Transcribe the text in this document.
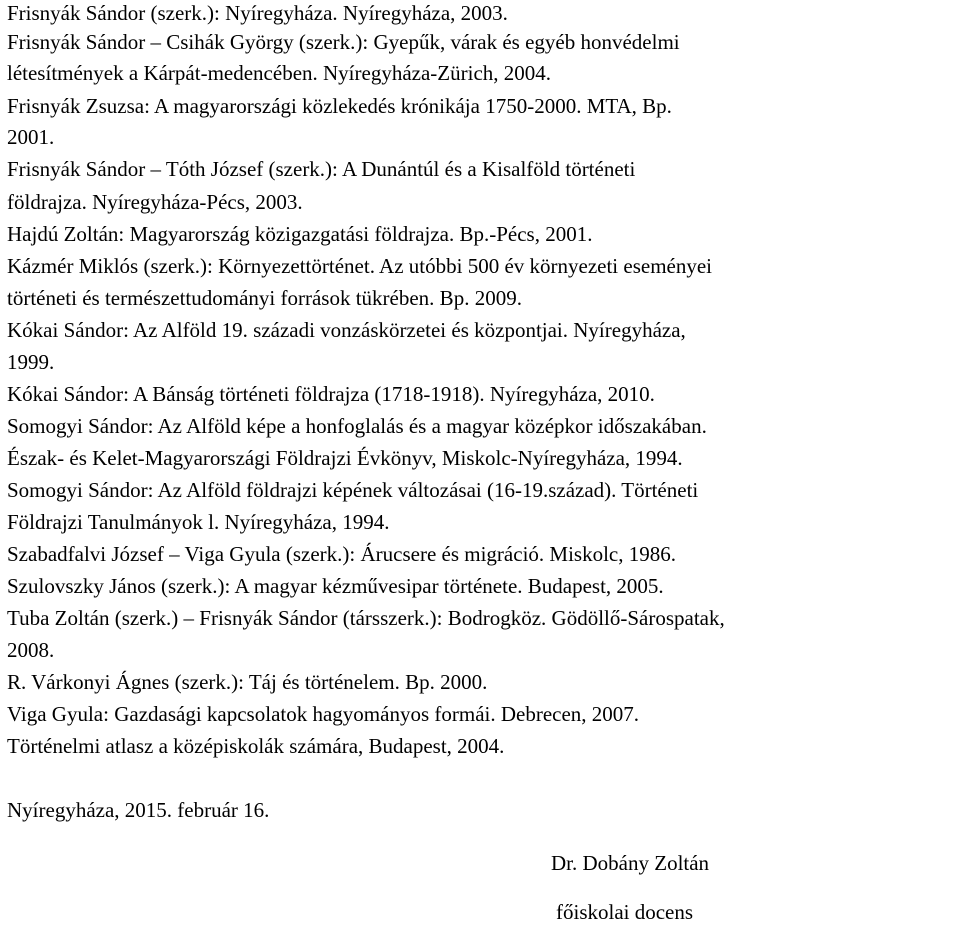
Frisnyák Sándor (szerk.): Nyíregyháza. Nyíregyháza, 2003.
Frisnyák Sándor – Csihák György (szerk.): Gyepűk, várak és egyéb honvédelmi
létesítmények a Kárpát-medencében. Nyíregyháza-Zürich, 2004.
Frisnyák Zsuzsa: A magyarországi közlekedés krónikája 1750-2000. MTA, Bp.
2001.
Frisnyák Sándor – Tóth József (szerk.): A Dunántúl és a Kisalföld történeti
földrajza. Nyíregyháza-Pécs, 2003.
Hajdú Zoltán: Magyarország közigazgatási földrajza. Bp.-Pécs, 2001.
Kázmér Miklós (szerk.): Környezettörténet. Az utóbbi 500 év környezeti eseményei
történeti és természettudományi források tükrében. Bp. 2009.
Kókai Sándor: Az Alföld 19. századi vonzáskörzetei és központjai. Nyíregyháza,
1999.
Kókai Sándor: A Bánság történeti földrajza (1718-1918). Nyíregyháza, 2010.
Somogyi Sándor: Az Alföld képe a honfoglalás és a magyar középkor időszakában.
Észak- és Kelet-Magyarországi Földrajzi Évkönyv, Miskolc-Nyíregyháza, 1994.
Somogyi Sándor: Az Alföld földrajzi képének változásai (16-19.század). Történeti
Földrajzi Tanulmányok l. Nyíregyháza, 1994.
Szabadfalvi József – Viga Gyula (szerk.): Árucsere és migráció. Miskolc, 1986.
Szulovszky János (szerk.): A magyar kézművesipar története. Budapest, 2005.
Tuba Zoltán (szerk.) – Frisnyák Sándor (társszerk.): Bodrogköz. Gödöllő-Sárospatak,
2008.
R. Várkonyi Ágnes (szerk.): Táj és történelem. Bp. 2000.
Viga Gyula: Gazdasági kapcsolatok hagyományos formái. Debrecen, 2007.
Történelmi atlasz a középiskolák számára, Budapest, 2004.
Nyíregyháza, 2015. február 16.
Dr. Dobány Zoltán
főiskolai docens
